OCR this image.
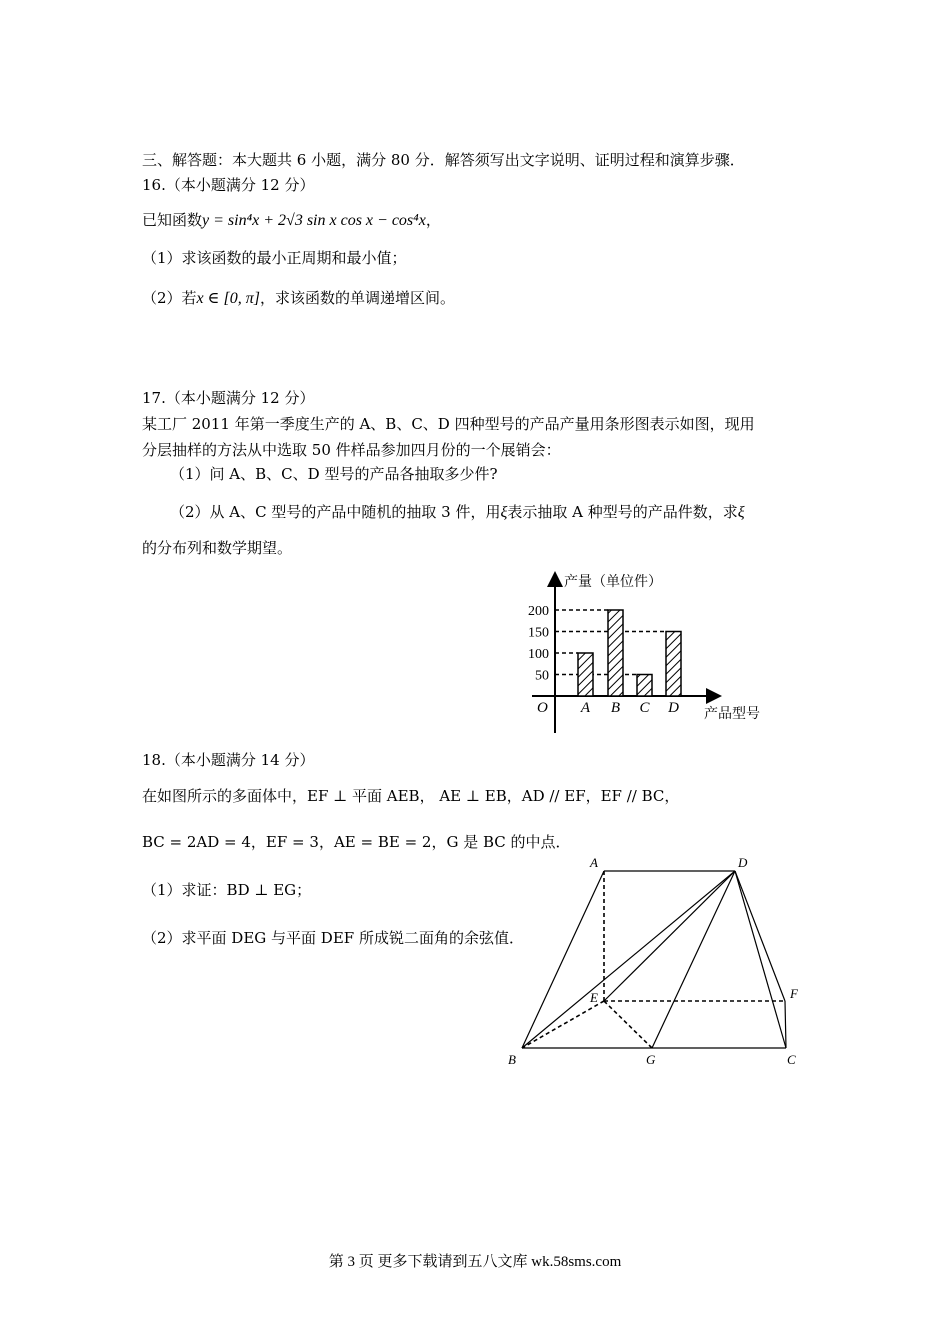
三、解答题：本大题共 6 小题，满分 80 分．解答须写出文字说明、证明过程和演算步骤．
16.（本小题满分 12 分）
已知函数y = sin⁴x + 2√3 sin x cos x − cos⁴x，
（1）求该函数的最小正周期和最小值；
（2）若x ∈ [0, π]，求该函数的单调递增区间。
17.（本小题满分 12 分）
某工厂 2011 年第一季度生产的 A、B、C、D 四种型号的产品产量用条形图表示如图，现用
分层抽样的方法从中选取 50 件样品参加四月份的一个展销会：
（1）问 A、B、C、D 型号的产品各抽取多少件?
（2）从 A、C 型号的产品中随机的抽取 3 件，用ξ表示抽取 A 种型号的产品件数，求ξ
的分布列和数学期望。
50
100
150
200
A B C D
产量（单位件）
产品型号
O
18.（本小题满分 14 分）
在如图所示的多面体中，EF ⊥ 平面 AEB， AE ⊥ EB，AD // EF，EF // BC，
BC = 2AD = 4，EF = 3，AE = BE = 2，G 是 BC 的中点．
（1）求证：BD ⊥ EG；
（2）求平面 DEG 与平面 DEF 所成锐二面角的余弦值．
A	D
E	F
B	G	C
第 3 页 更多下载请到五八文库 wk.58sms.com
